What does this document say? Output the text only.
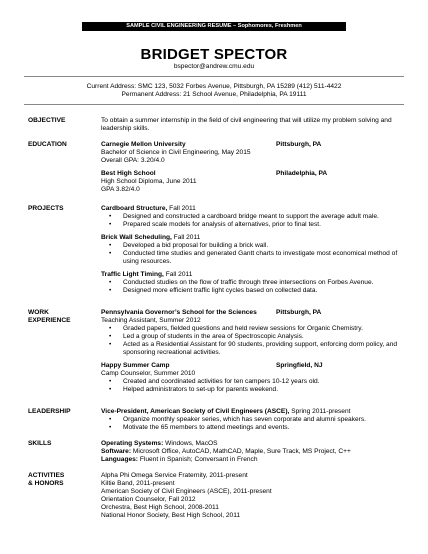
SAMPLE CIVIL ENGINEERING RESUME – Sophomores, Freshmen
BRIDGET SPECTOR
bspector@andrew.cmu.edu
Current Address: SMC 123, 5032 Forbes Avenue, Pittsburgh, PA 15289 (412) 511-4422
Permanent Address: 21 School Avenue, Philadelphia, PA 19111
OBJECTIVE	To obtain a summer internship in the field of civil engineering that will utilize my problem solving and leadership skills.
EDUCATION	Carnegie Mellon University	Pittsburgh, PA

Bachelor of Science in Civil Engineering, May 2015

Overall GPA: 3.20/4.0

Best High School	Philadelphia, PA

High School Diploma, June 2011

GPA 3.82/4.0

PROJECTS	Cardboard Structure, Fall 2011

• Designed and constructed a cardboard bridge meant to support the average adult male.
• Prepared scale models for analysis of alternatives, prior to final test.

Brick Wall Scheduling, Fall 2011

• Developed a bid proposal for building a brick wall.
• Conducted time studies and generated Gantt charts to investigate most economical method of using resources.

Traffic Light Timing, Fall 2011

• Conducted studies on the flow of traffic through three intersections on Forbes Avenue.
• Designed more efficient traffic light cycles based on collected data.
WORK
EXPERIENCE
Pennsylvania Governor’s School for the Sciences	Pittsburgh, PA

Teaching Assistant, Summer 2012

• Graded papers, fielded questions and held review sessions for Organic Chemistry.
• Led a group of students in the area of Spectroscopic Analysis.
• Acted as a Residential Assistant for 90 students, providing support, enforcing dorm policy, and sponsoring recreational activities.
Happy Summer Camp	Springfield, NJ

Camp Counselor, Summer 2010

• Created and coordinated activities for ten campers 10-12 years old.
• Helped administrators to set-up for parents weekend.
LEADERSHIP	Vice-President, American Society of Civil Engineers (ASCE), Spring 2011-present

• Organize monthly speaker series, which has seven corporate and alumni speakers.
• Motivate the 65 members to attend meetings and events.
SKILLS	Operating Systems: Windows, MacOS

Software: Microsoft Office, AutoCAD, MathCAD, Maple, Sure Track, MS Project, C++

Languages: Fluent in Spanish; Conversant in French

ACTIVITIES
& HONORS

Alpha Phi Omega Service Fraternity, 2011-present

Kiltie Band, 2011-present

American Society of Civil Engineers (ASCE), 2011-present

Orientation Counselor, Fall 2012

Orchestra, Best High School, 2008-2011

National Honor Society, Best High School, 2011
